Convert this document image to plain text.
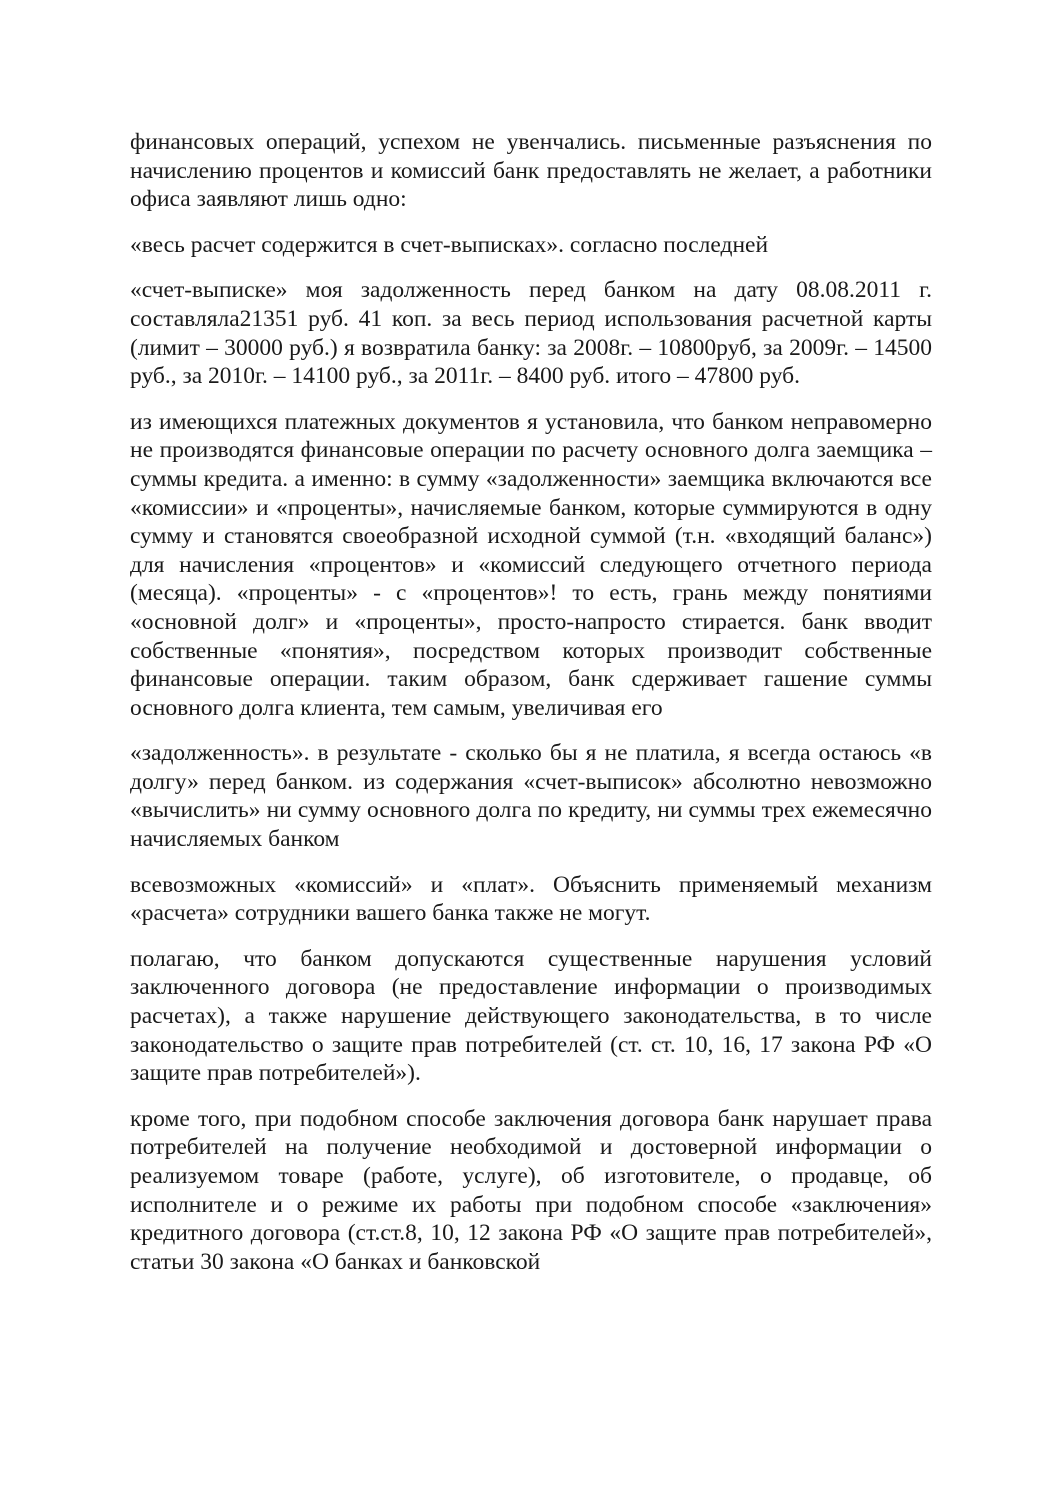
финансовых операций, успехом не увенчались. письменные разъяснения по начислению процентов и комиссий банк предоставлять не желает, а работники офиса заявляют лишь одно:

«весь расчет содержится в счет-выписках». согласно последней

«счет-выписке» моя задолженность перед банком на дату 08.08.2011 г. составляла21351 руб. 41 коп. за весь период использования расчетной карты (лимит – 30000 руб.) я возвратила банку: за 2008г. – 10800руб, за 2009г. – 14500 руб., за 2010г. – 14100 руб., за 2011г. – 8400 руб. итого – 47800 руб.

из имеющихся платежных документов я установила, что банком неправомерно не производятся финансовые операции по расчету основного долга заемщика – суммы кредита. а именно: в сумму «задолженности» заемщика включаются все «комиссии» и «проценты», начисляемые банком, которые суммируются в одну сумму и становятся своеобразной исходной суммой (т.н. «входящий баланс») для начисления «процентов» и «комиссий следующего отчетного периода (месяца). «проценты» - с «процентов»! то есть, грань между понятиями «основной долг» и «проценты», просто-напросто стирается. банк вводит собственные «понятия», посредством которых производит собственные финансовые операции. таким образом, банк сдерживает гашение суммы основного долга клиента, тем самым, увеличивая его

«задолженность». в результате - сколько бы я не платила, я всегда остаюсь «в долгу» перед банком. из содержания «счет-выписок» абсолютно невозможно «вычислить» ни сумму основного долга по кредиту, ни суммы трех ежемесячно начисляемых банком

всевозможных «комиссий» и «плат». Объяснить применяемый механизм «расчета» сотрудники вашего банка также не могут.

полагаю, что банком допускаются существенные нарушения условий заключенного договора (не предоставление информации о производимых расчетах), а также нарушение действующего законодательства, в то числе законодательство о защите прав потребителей (ст. ст. 10, 16, 17 закона РФ «О защите прав потребителей»).

кроме того, при подобном способе заключения договора банк нарушает права потребителей на получение необходимой и достоверной информации о реализуемом товаре (работе, услуге), об изготовителе, о продавце, об исполнителе и о режиме их работы при подобном способе «заключения» кредитного договора (ст.ст.8, 10, 12 закона РФ «О защите прав потребителей», статьи 30 закона «О банках и банковской
